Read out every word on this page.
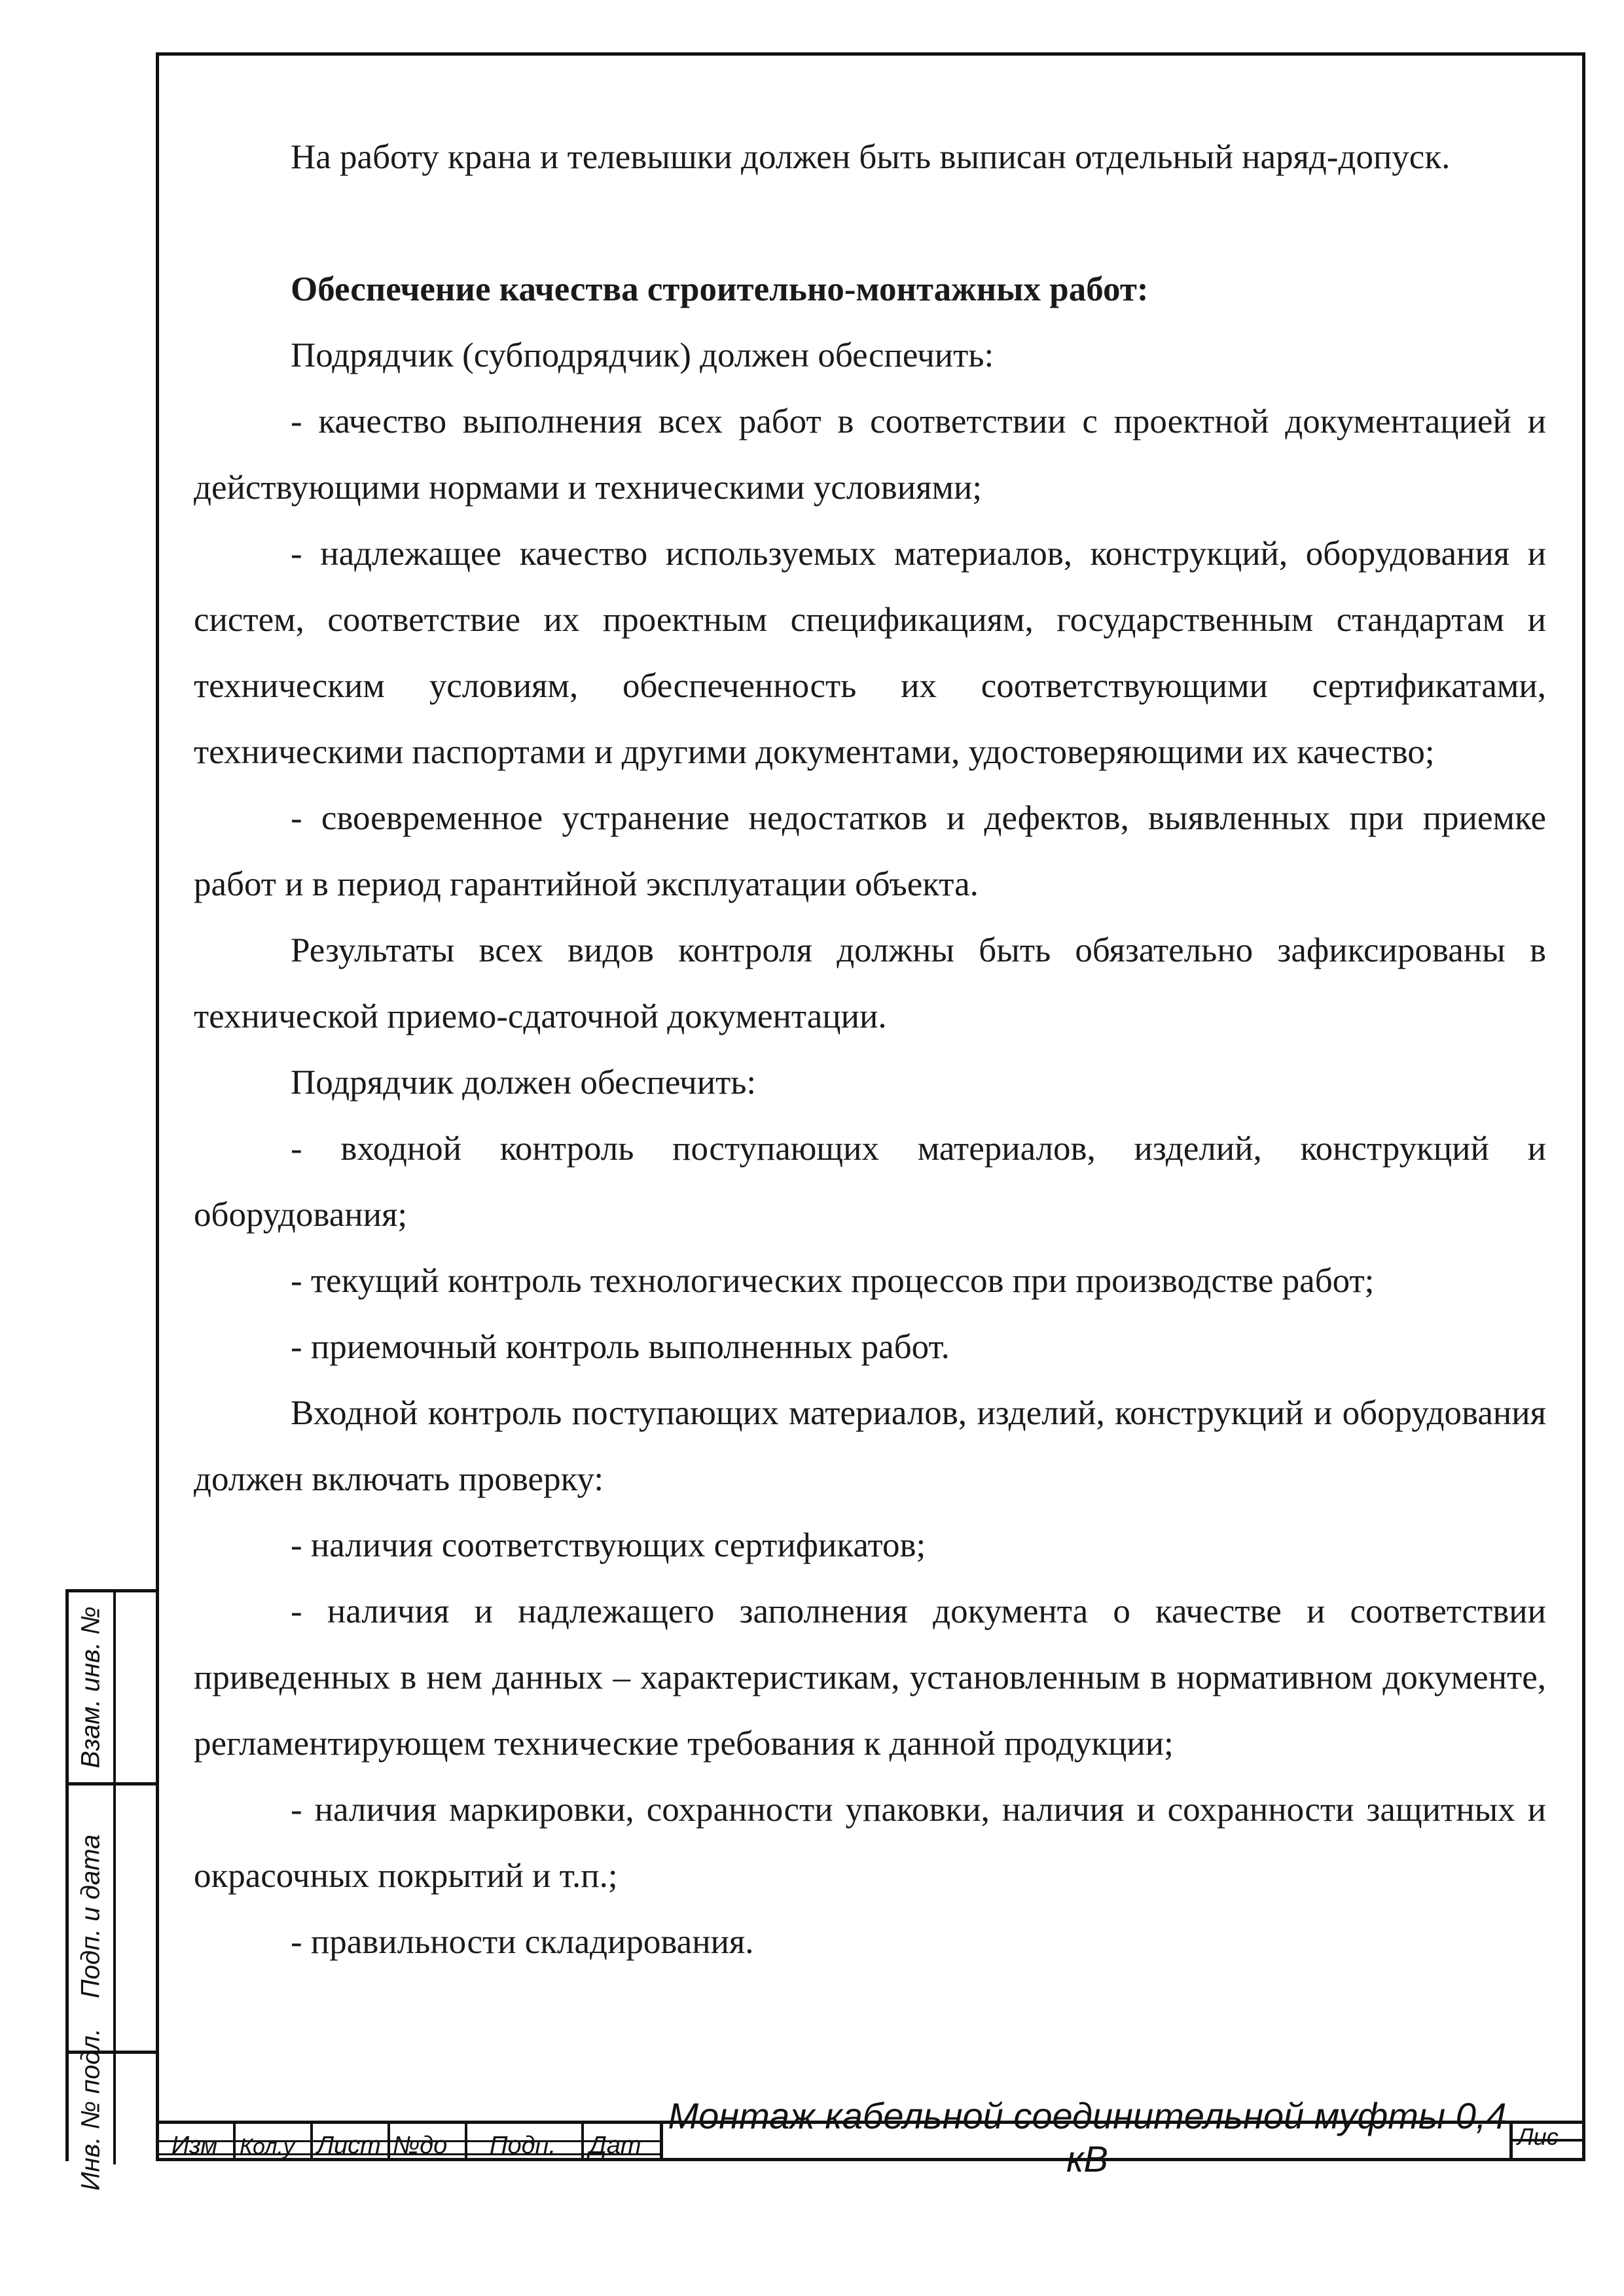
На работу крана и телевышки должен быть выписан отдельный наряд-допуск.

Обеспечение качества строительно-монтажных работ:

Подрядчик (субподрядчик) должен обеспечить:

- качество выполнения всех работ в соответствии с проектной документацией и действующими нормами и техническими условиями;

- надлежащее качество используемых материалов, конструкций, оборудования и систем, соответствие их проектным спецификациям, государственным стандартам и техническим условиям, обеспеченность их соответствующими сертификатами, техническими паспортами и другими документами, удостоверяющими их качество;

- своевременное устранение недостатков и дефектов, выявленных при приемке работ и в период гарантийной эксплуатации объекта.

Результаты всех видов контроля должны быть обязательно зафиксированы в технической приемо-сдаточной документации.

Подрядчик должен обеспечить:

- входной контроль поступающих материалов, изделий, конструкций и оборудования;

- текущий контроль технологических процессов при производстве работ;

- приемочный контроль выполненных работ.

Входной контроль поступающих материалов, изделий, конструкций и оборудования должен включать проверку:

- наличия соответствующих сертификатов;

- наличия и надлежащего заполнения документа о качестве и соответствии приведенных в нем данных – характеристикам, установленным в нормативном документе, регламентирующем технические требования к данной продукции;

- наличия маркировки, сохранности упаковки, наличия и сохранности защитных и окрасочных покрытий и т.п.;

- правильности складирования.

Взам. инв. №
Подп. и дата
Инв. № подл.	Изм Кол.у Лист №до Подп. Дат
Монтаж кабельной соединительной муфты 0,4 кВ
Лис
